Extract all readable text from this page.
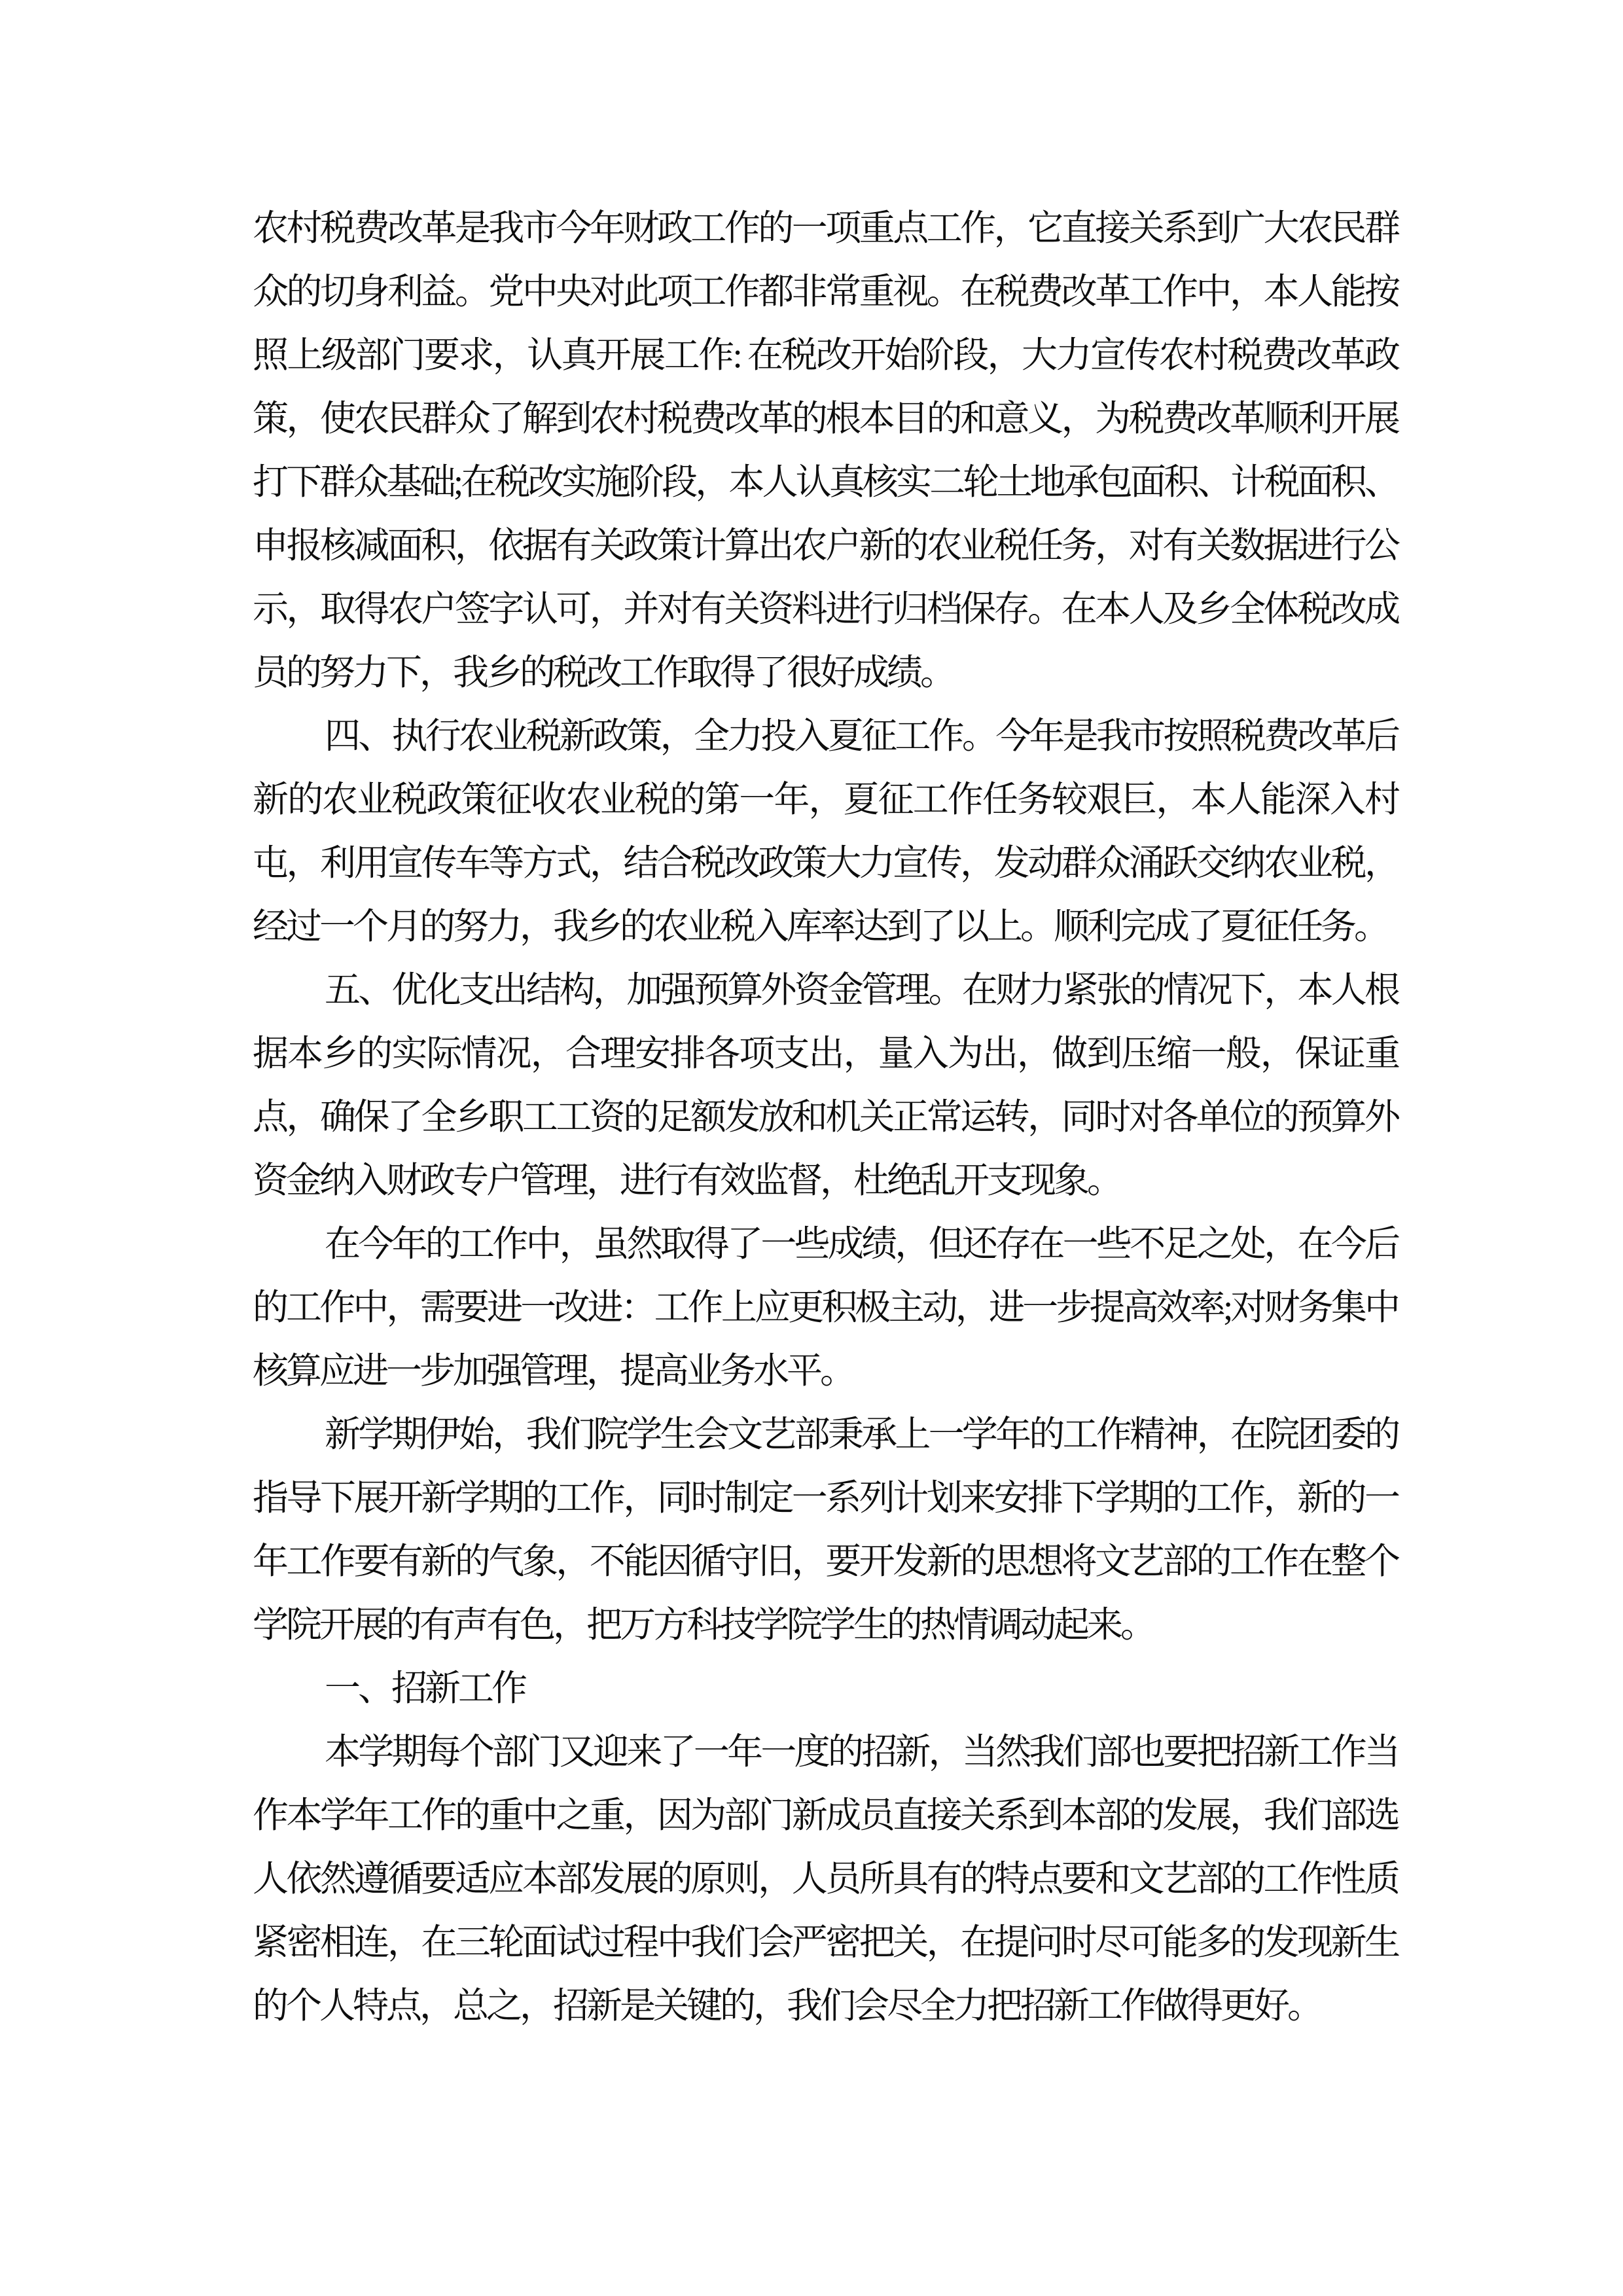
农村税费改革是我市今年财政工作的一项重点工作，它直接关系到广大农民群众的切身利益。党中央对此项工作都非常重视。在税费改革工作中，本人能按照上级部门要求，认真开展工作: 在税改开始阶段，大力宣传农村税费改革政策，使农民群众了解到农村税费改革的根本目的和意义，为税费改革顺利开展打下群众基础;在税改实施阶段，本人认真核实二轮土地承包面积、计税面积、申报核减面积，依据有关政策计算出农户新的农业税任务，对有关数据进行公示，取得农户签字认可，并对有关资料进行归档保存。在本人及乡全体税改成员的努力下，我乡的税改工作取得了很好成绩。

四、执行农业税新政策，全力投入夏征工作。今年是我市按照税费改革后新的农业税政策征收农业税的第一年，夏征工作任务较艰巨，本人能深入村屯，利用宣传车等方式，结合税改政策大力宣传，发动群众涌跃交纳农业税，经过一个月的努力，我乡的农业税入库率达到了以上。顺利完成了夏征任务。

五、优化支出结构，加强预算外资金管理。在财力紧张的情况下，本人根据本乡的实际情况，合理安排各项支出，量入为出，做到压缩一般，保证重点，确保了全乡职工工资的足额发放和机关正常运转，同时对各单位的预算外资金纳入财政专户管理，进行有效监督，杜绝乱开支现象。

在今年的工作中，虽然取得了一些成绩，但还存在一些不足之处，在今后的工作中，需要进一改进：工作上应更积极主动，进一步提高效率;对财务集中核算应进一步加强管理，提高业务水平。

新学期伊始，我们院学生会文艺部秉承上一学年的工作精神，在院团委的指导下展开新学期的工作，同时制定一系列计划来安排下学期的工作，新的一年工作要有新的气象，不能因循守旧，要开发新的思想将文艺部的工作在整个学院开展的有声有色，把万方科技学院学生的热情调动起来。

一、招新工作

本学期每个部门又迎来了一年一度的招新，当然我们部也要把招新工作当作本学年工作的重中之重，因为部门新成员直接关系到本部的发展，我们部选人依然遵循要适应本部发展的原则，人员所具有的特点要和文艺部的工作性质紧密相连，在三轮面试过程中我们会严密把关，在提问时尽可能多的发现新生的个人特点，总之，招新是关键的，我们会尽全力把招新工作做得更好。
